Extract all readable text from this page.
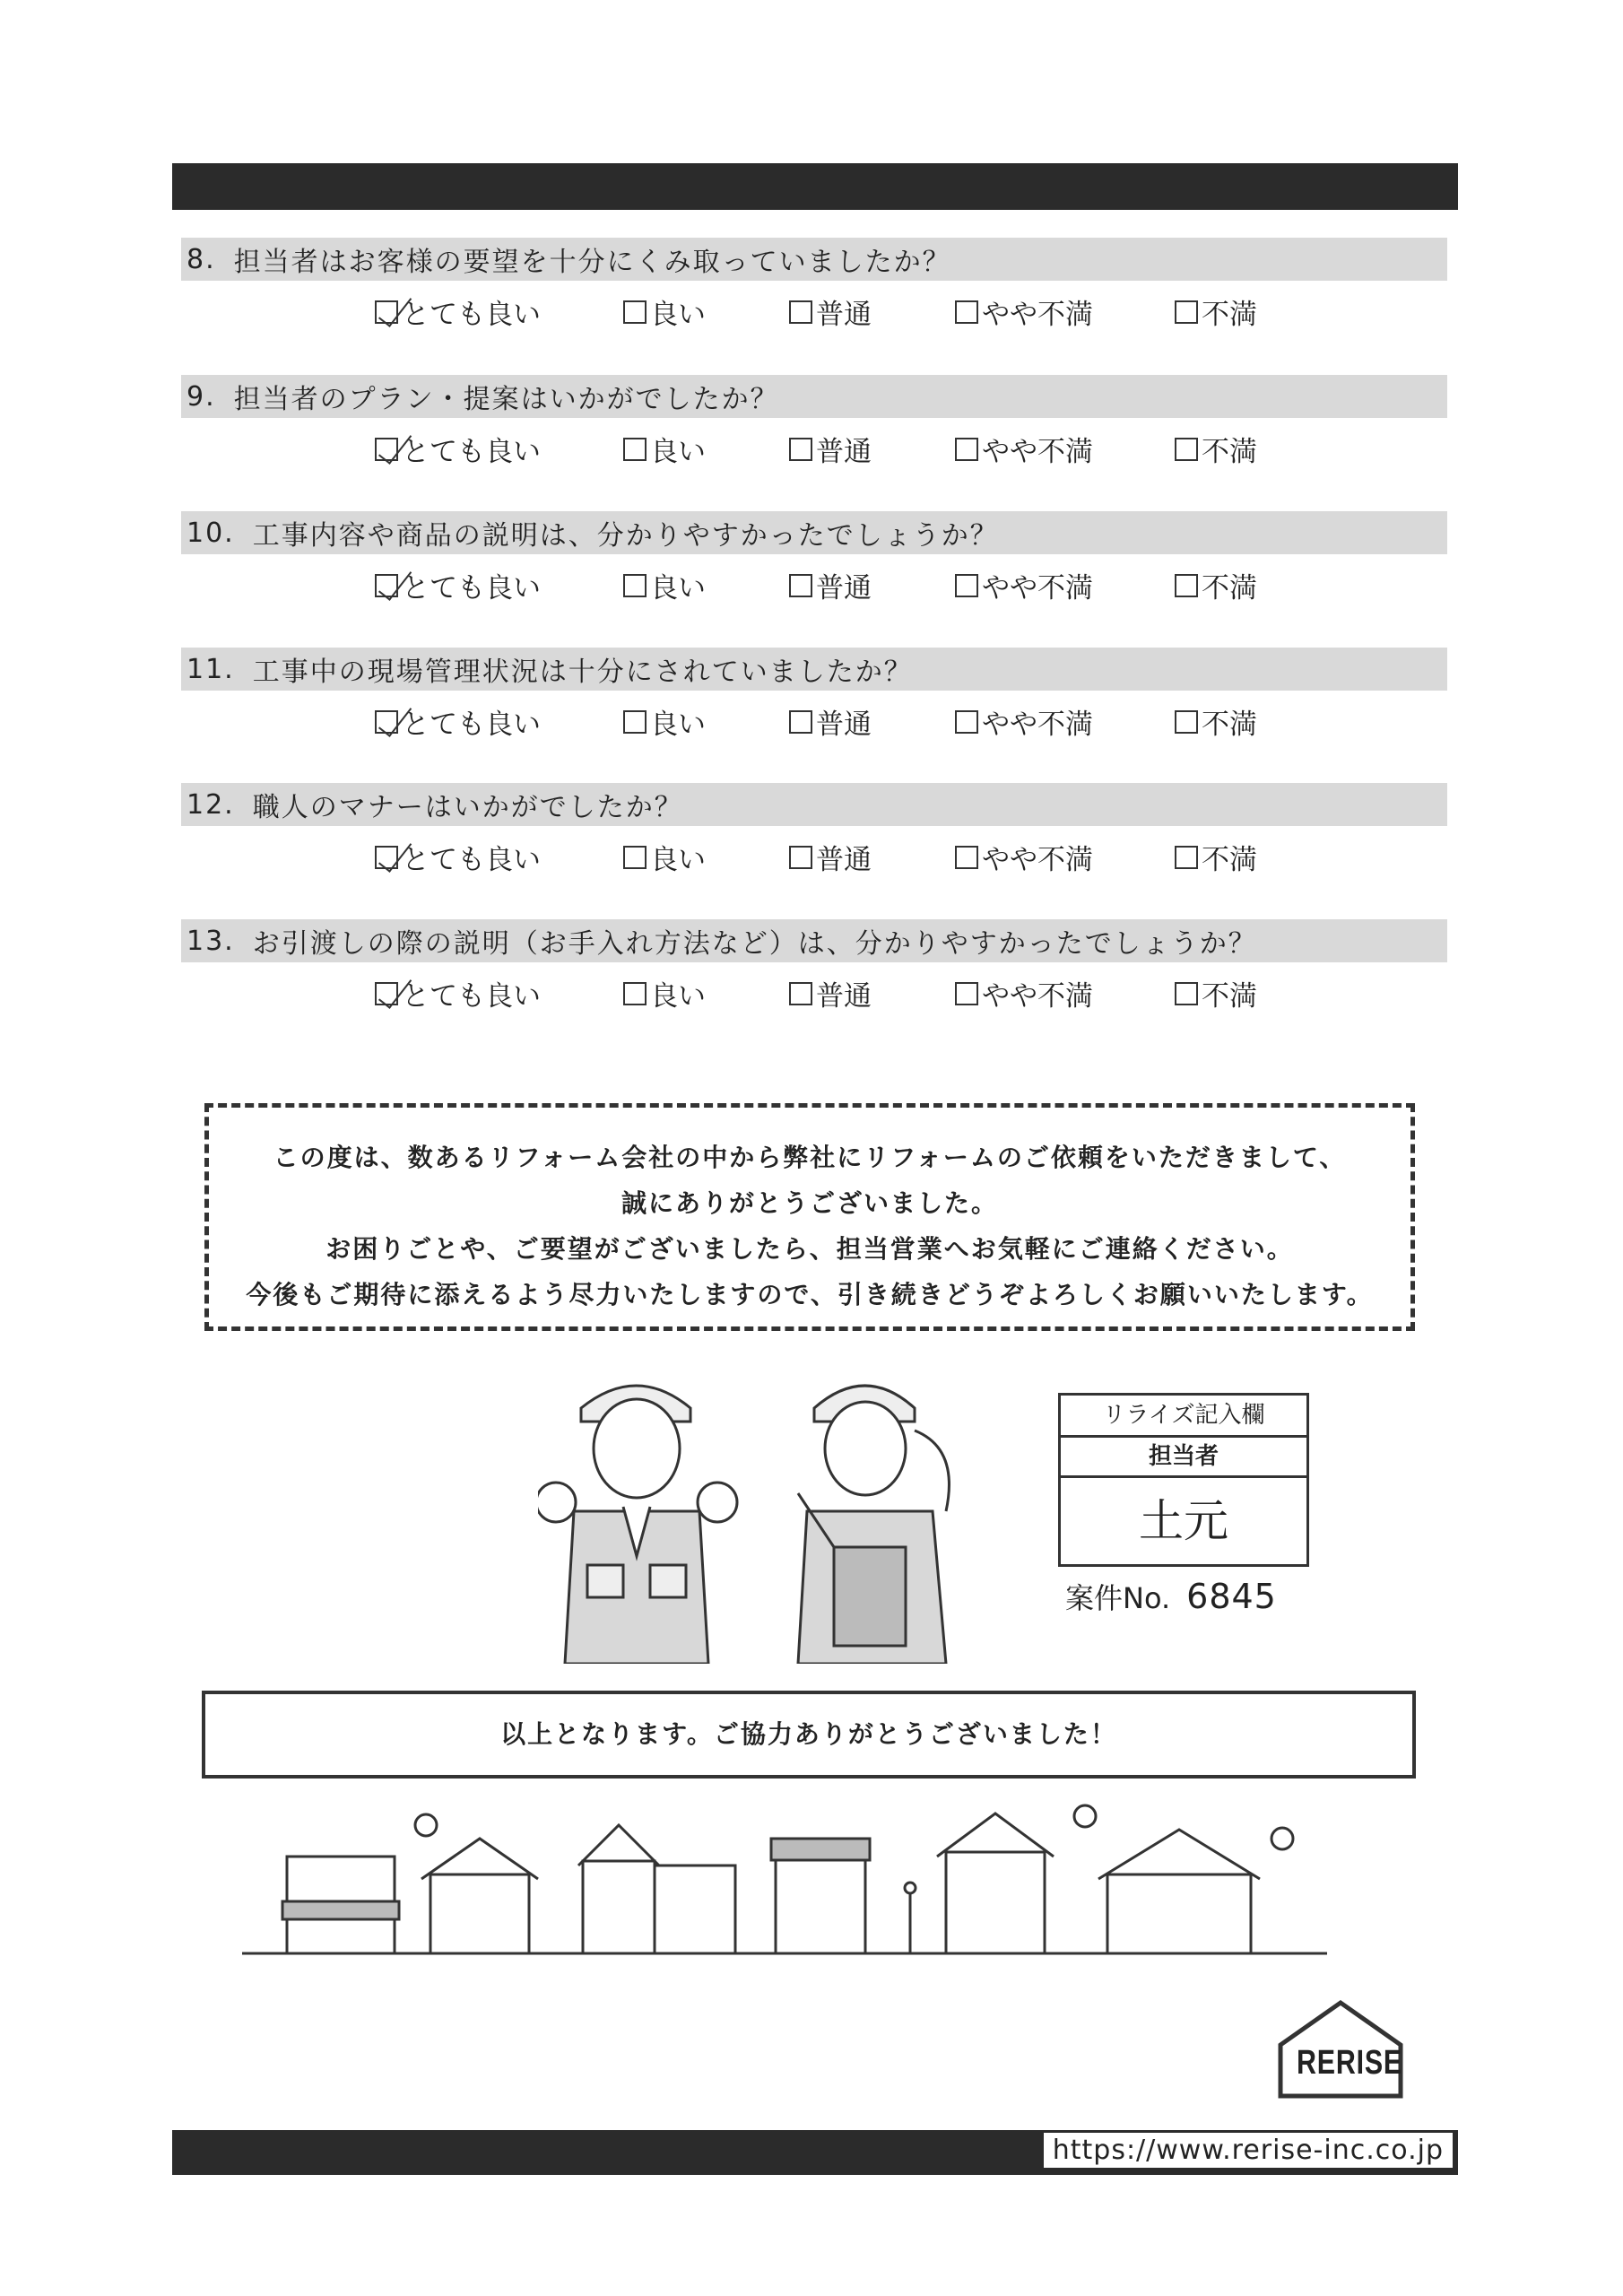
8. 担当者はお客様の要望を十分にくみ取っていましたか？
とても良い	良い	普通	やや不満	不満
9. 担当者のプラン・提案はいかがでしたか？
とても良い	良い	普通	やや不満	不満
10. 工事内容や商品の説明は、分かりやすかったでしょうか？
とても良い	良い	普通	やや不満	不満
11. 工事中の現場管理状況は十分にされていましたか？
とても良い	良い	普通	やや不満	不満
12. 職人のマナーはいかがでしたか？
とても良い	良い	普通	やや不満	不満
13. お引渡しの際の説明（お手入れ方法など）は、分かりやすかったでしょうか？
とても良い	良い	普通	やや不満	不満

この度は、数あるリフォーム会社の中から弊社にリフォームのご依頼をいただきまして、

誠にありがとうございました。

お困りごとや、ご要望がございましたら、担当営業へお気軽にご連絡ください。

今後もご期待に添えるよう尽力いたしますので、引き続きどうぞよろしくお願いいたします。

リライズ記入欄
担当者
土元
案件No. 6845
以上となります。ご協力ありがとうございました！
RERISE
https://www.rerise-inc.co.jp
